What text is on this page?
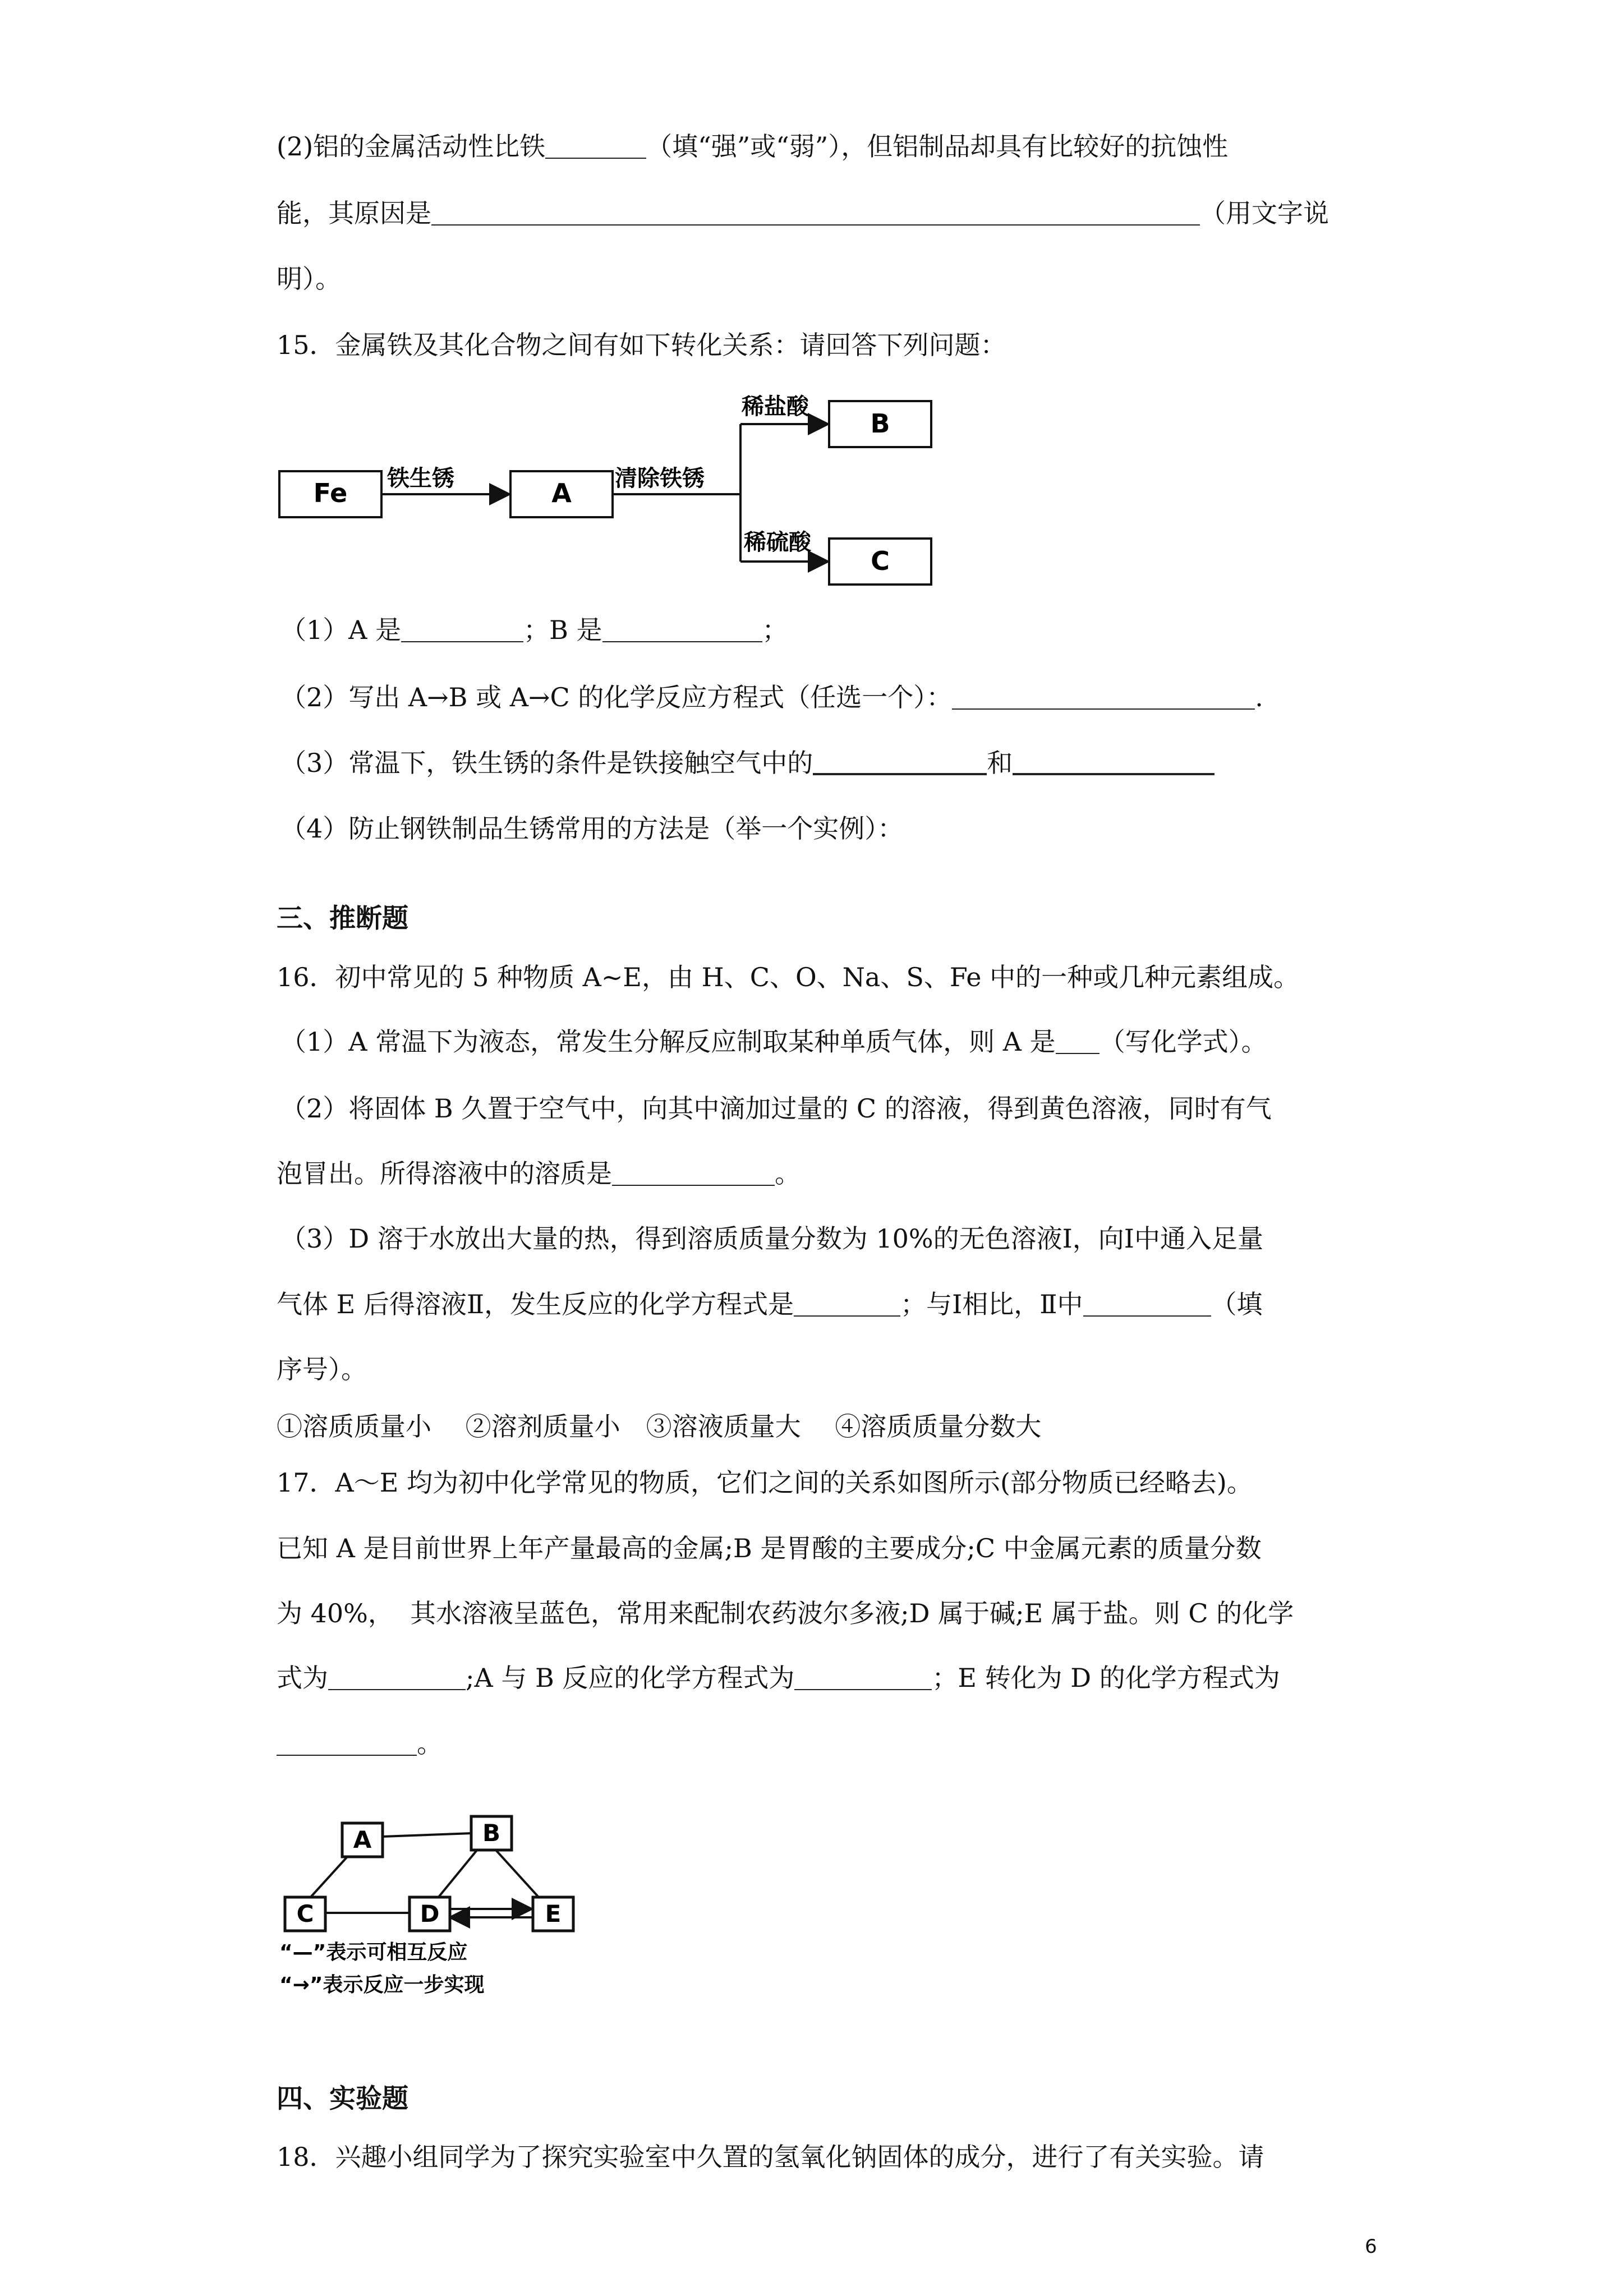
(2)铝的金属活动性比铁	（填“强”或“弱”），但铝制品却具有比较好的抗蚀性
能，其原因是	（用文字说
明）。
15．金属铁及其化合物之间有如下转化关系：请回答下列问题：
Fe	A
B
C
铁生锈	清除铁锈
稀盐酸
稀硫酸
（1）A 是	；B 是	；
（2）写出 A→B 或 A→C 的化学反应方程式（任选一个）：	.
（3）常温下，铁生锈的条件是铁接触空气中的	和
（4）防止钢铁制品生锈常用的方法是（举一个实例）：
三、推断题
16．初中常见的 5 种物质 A~E，由 H、C、O、Na、S、Fe 中的一种或几种元素组成。
（1）A 常温下为液态，常发生分解反应制取某种单质气体，则 A 是 （写化学式）。
（2）将固体 B 久置于空气中，向其中滴加过量的 C 的溶液，得到黄色溶液，同时有气
泡冒出。所得溶液中的溶质是	。
（3）D 溶于水放出大量的热，得到溶质质量分数为 10%的无色溶液Ⅰ，向Ⅰ中通入足量
气体 E 后得溶液Ⅱ，发生反应的化学方程式是	；与Ⅰ相比，Ⅱ中	（填
序号）。
①溶质质量小　 ②溶剂质量小　③溶液质量大　 ④溶质质量分数大
17．A～E 均为初中化学常见的物质，它们之间的关系如图所示(部分物质已经略去)。
已知 A 是目前世界上年产量最高的金属;B 是胃酸的主要成分;C 中金属元素的质量分数
为 40%，  其水溶液呈蓝色，常用来配制农药波尔多液;D 属于碱;E 属于盐。则 C 的化学
式为	;A 与 B 反应的化学方程式为	；E 转化为 D 的化学方程式为
。
A	B
C	D	E
“—”表示可相互反应
“→”表示反应一步实现
四、实验题
18．兴趣小组同学为了探究实验室中久置的氢氧化钠固体的成分，进行了有关实验。请
6
